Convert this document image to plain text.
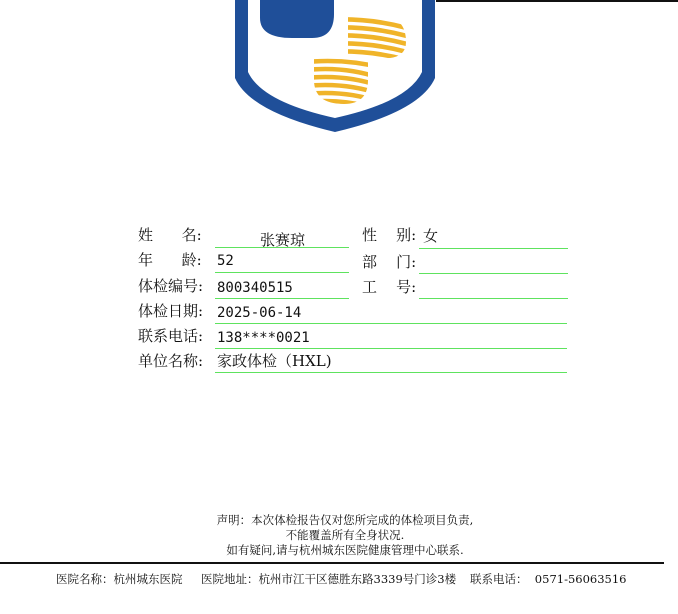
姓      名:	张赛琼	性    别: 女
年      龄: 52	部    门:
体检编号: 800340515	工    号:
体检日期: 2025-06-14
联系电话: 138****0021
单位名称: 家政体检（HXL)
声明：本次体检报告仅对您所完成的体检项目负责,
不能覆盖所有全身状况.
如有疑问,请与杭州城东医院健康管理中心联系.
医院名称：杭州城东医院 医院地址：杭州市江干区德胜东路3339号门诊3楼 联系电话：  0571-56063516
